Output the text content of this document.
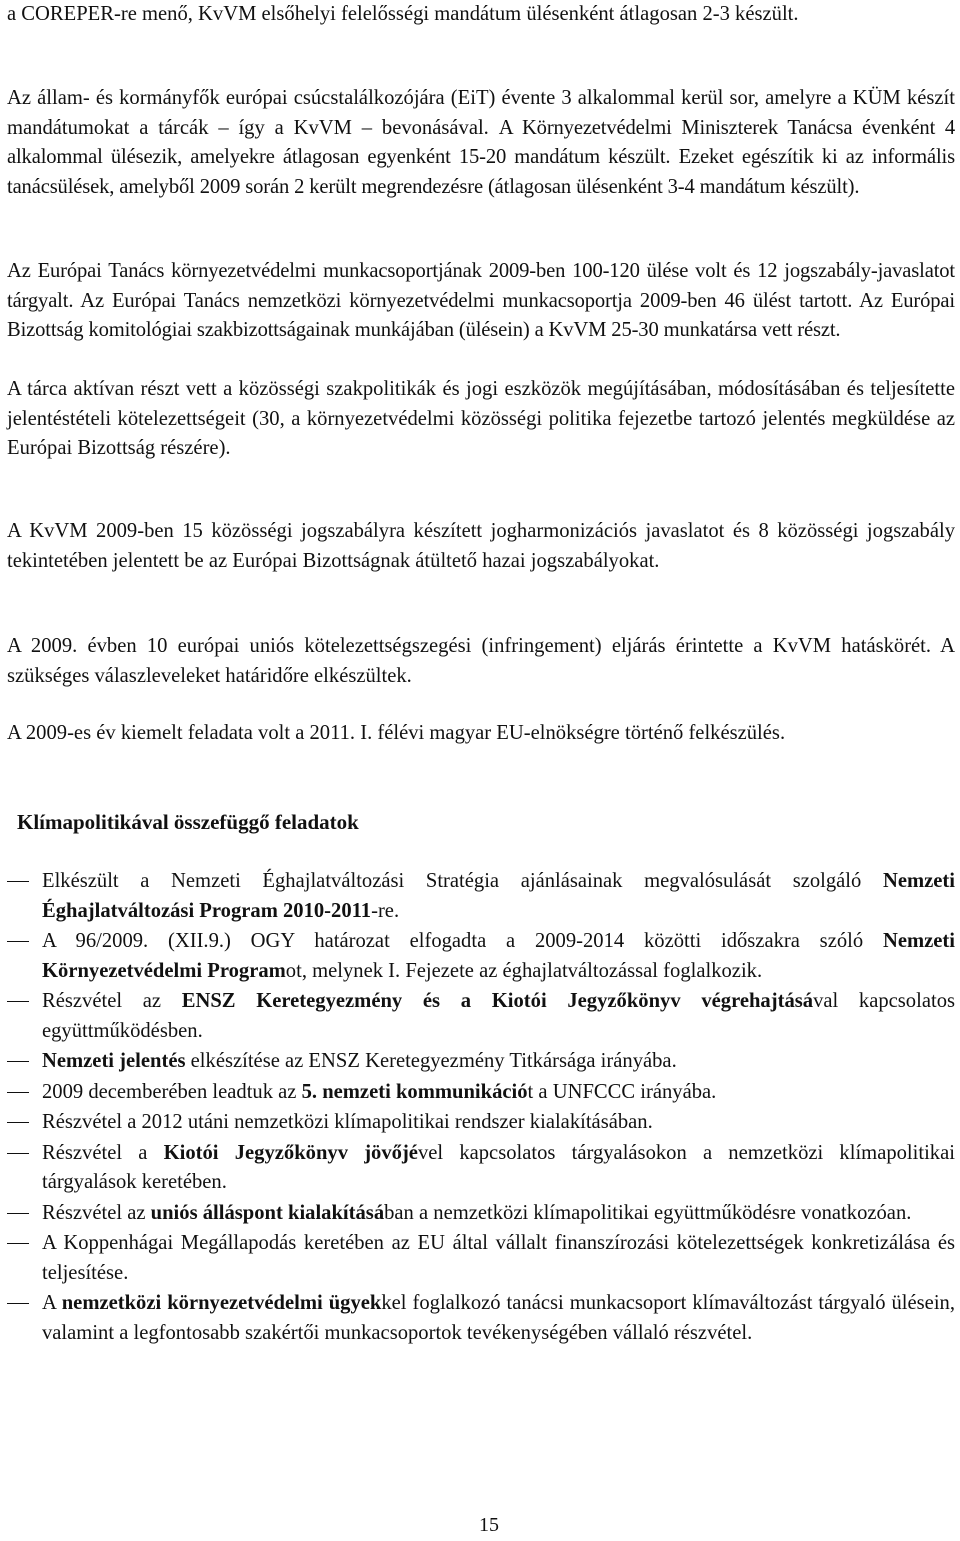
a COREPER-re menő, KvVM elsőhelyi felelősségi mandátum ülésenként átlagosan 2-3 készült.

Az állam- és kormányfők európai csúcstalálkozójára (EiT) évente 3 alkalommal kerül sor, amelyre a KÜM készít mandátumokat a tárcák – így a KvVM – bevonásával. A Környezetvédelmi Miniszterek Tanácsa évenként 4 alkalommal ülésezik, amelyekre átlagosan egyenként 15-20 mandátum készült. Ezeket egészítik ki az informális tanácsülések, amelyből 2009 során 2 került megrendezésre (átlagosan ülésenként 3-4 mandátum készült).

Az Európai Tanács környezetvédelmi munkacsoportjának 2009-ben 100-120 ülése volt és 12 jogszabály-javaslatot tárgyalt. Az Európai Tanács nemzetközi környezetvédelmi munkacsoportja 2009-ben 46 ülést tartott. Az Európai Bizottság komitológiai szakbizottságainak munkájában (ülésein) a KvVM 25-30 munkatársa vett részt.

A tárca aktívan részt vett a közösségi szakpolitikák és jogi eszközök megújításában, módosításában és teljesítette jelentéstételi kötelezettségeit (30, a környezetvédelmi közösségi politika fejezetbe tartozó jelentés megküldése az Európai Bizottság részére).

A KvVM 2009-ben 15 közösségi jogszabályra készített jogharmonizációs javaslatot és 8 közösségi jogszabály tekintetében jelentett be az Európai Bizottságnak átültető hazai jogszabályokat.

A 2009. évben 10 európai uniós kötelezettségszegési (infringement) eljárás érintette a KvVM hatáskörét. A szükséges válaszleveleket határidőre elkészültek.

A 2009-es év kiemelt feladata volt a 2011. I. félévi magyar EU-elnökségre történő felkészülés.

Klímapolitikával összefüggő feladatok

Elkészült a Nemzeti Éghajlatváltozási Stratégia ajánlásainak megvalósulását szolgáló Nemzeti Éghajlatváltozási Program 2010-2011-re.
A 96/2009. (XII.9.) OGY határozat elfogadta a 2009-2014 közötti időszakra szóló Nemzeti Környezetvédelmi Programot, melynek I. Fejezete az éghajlatváltozással foglalkozik.
Részvétel az ENSZ Keretegyezmény és a Kiotói Jegyzőkönyv végrehajtásával kapcsolatos együttműködésben.
Nemzeti jelentés elkészítése az ENSZ Keretegyezmény Titkársága irányába.
2009 decemberében leadtuk az 5. nemzeti kommunikációt a UNFCCC irányába.
Részvétel a 2012 utáni nemzetközi klímapolitikai rendszer kialakításában.
Részvétel a Kiotói Jegyzőkönyv jövőjével kapcsolatos tárgyalásokon a nemzetközi klímapolitikai tárgyalások keretében.
Részvétel az uniós álláspont kialakításában a nemzetközi klímapolitikai együttműködésre vonatkozóan.
A Koppenhágai Megállapodás keretében az EU által vállalt finanszírozási kötelezettségek konkretizálása és teljesítése.
A nemzetközi környezetvédelmi ügyekkel foglalkozó tanácsi munkacsoport klímaváltozást tárgyaló ülésein, valamint a legfontosabb szakértői munkacsoportok tevékenységében vállaló részvétel.
15
